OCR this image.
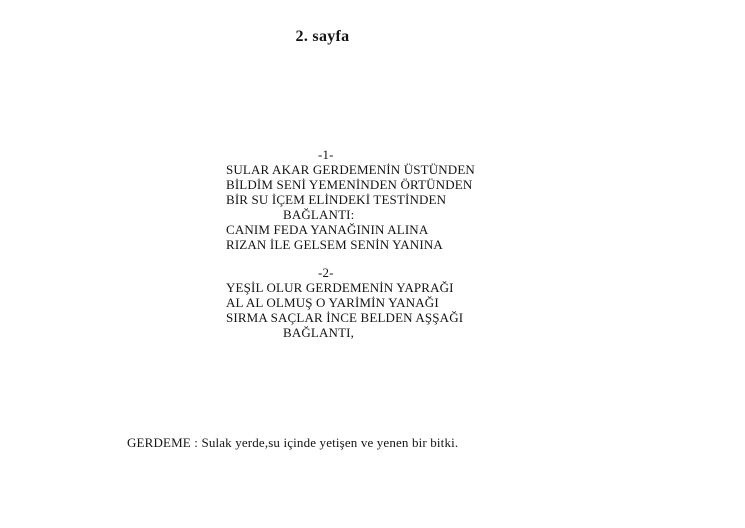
2. sayfa
-1-
SULAR AKAR GERDEMENİN ÜSTÜNDEN
BİLDİM SENİ YEMENİNDEN ÖRTÜNDEN
BİR SU İÇEM ELİNDEKİ TESTİNDEN
BAĞLANTI:
CANIM FEDA YANAĞININ ALINA
RIZAN İLE GELSEM SENİN YANINA
-2-
YEŞİL OLUR GERDEMENİN YAPRAĞI
AL AL OLMUŞ O YARİMİN YANAĞI
SIRMA SAÇLAR İNCE BELDEN AŞŞAĞI
BAĞLANTI,
GERDEME : Sulak yerde,su içinde yetişen ve yenen bir bitki.
